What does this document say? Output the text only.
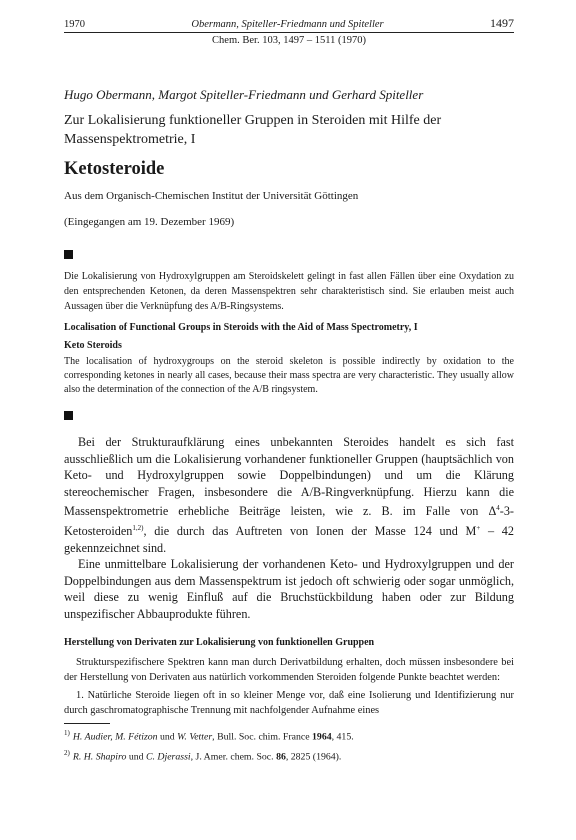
1970	Obermann, Spiteller-Friedmann und Spiteller	1497
Chem. Ber. 103, 1497 – 1511 (1970)
Hugo Obermann, Margot Spiteller-Friedmann und Gerhard Spiteller
Zur Lokalisierung funktioneller Gruppen in Steroiden mit Hilfe der Massenspektrometrie, I
Ketosteroide
Aus dem Organisch-Chemischen Institut der Universität Göttingen
(Eingegangen am 19. Dezember 1969)
Die Lokalisierung von Hydroxylgruppen am Steroidskelett gelingt in fast allen Fällen über eine Oxydation zu den entsprechenden Ketonen, da deren Massenspektren sehr charakteristisch sind. Sie erlauben meist auch Aussagen über die Verknüpfung des A/B-Ringsystems.
Localisation of Functional Groups in Steroids with the Aid of Mass Spectrometry, I
Keto Steroids
The localisation of hydroxygroups on the steroid skeleton is possible indirectly by oxidation to the corresponding ketones in nearly all cases, because their mass spectra are very characteristic. They usually allow also the determination of the connection of the A/B ringsystem.
Bei der Strukturaufklärung eines unbekannten Steroides handelt es sich fast ausschließlich um die Lokalisierung vorhandener funktioneller Gruppen (hauptsächlich von Keto- und Hydroxylgruppen sowie Doppelbindungen) und um die Klärung stereochemischer Fragen, insbesondere die A/B-Ringverknüpfung. Hierzu kann die Massenspektrometrie erhebliche Beiträge leisten, wie z. B. im Falle von Δ$^4$-3-Ketosteroiden$^{1,2)}$, die durch das Auftreten von Ionen der Masse 124 und M+ – 42 gekennzeichnet sind.
Eine unmittelbare Lokalisierung der vorhandenen Keto- und Hydroxylgruppen und der Doppelbindungen aus dem Massenspektrum ist jedoch oft schwierig oder sogar unmöglich, weil diese zu wenig Einfluß auf die Bruchstückbildung haben oder zur Bildung unspezifischer Abbauprodukte führen.
Herstellung von Derivaten zur Lokalisierung von funktionellen Gruppen
Strukturspezifischere Spektren kann man durch Derivatbildung erhalten, doch müssen insbesondere bei der Herstellung von Derivaten aus natürlich vorkommenden Steroiden folgende Punkte beachtet werden:
1. Natürliche Steroide liegen oft in so kleiner Menge vor, daß eine Isolierung und Identifizierung nur durch gaschromatographische Trennung mit nachfolgender Aufnahme eines
$^{1)}$ H. Audier, M. Fétizon und W. Vetter, Bull. Soc. chim. France 1964, 415.
$^{2)}$ R. H. Shapiro und C. Djerassi, J. Amer. chem. Soc. 86, 2825 (1964).
